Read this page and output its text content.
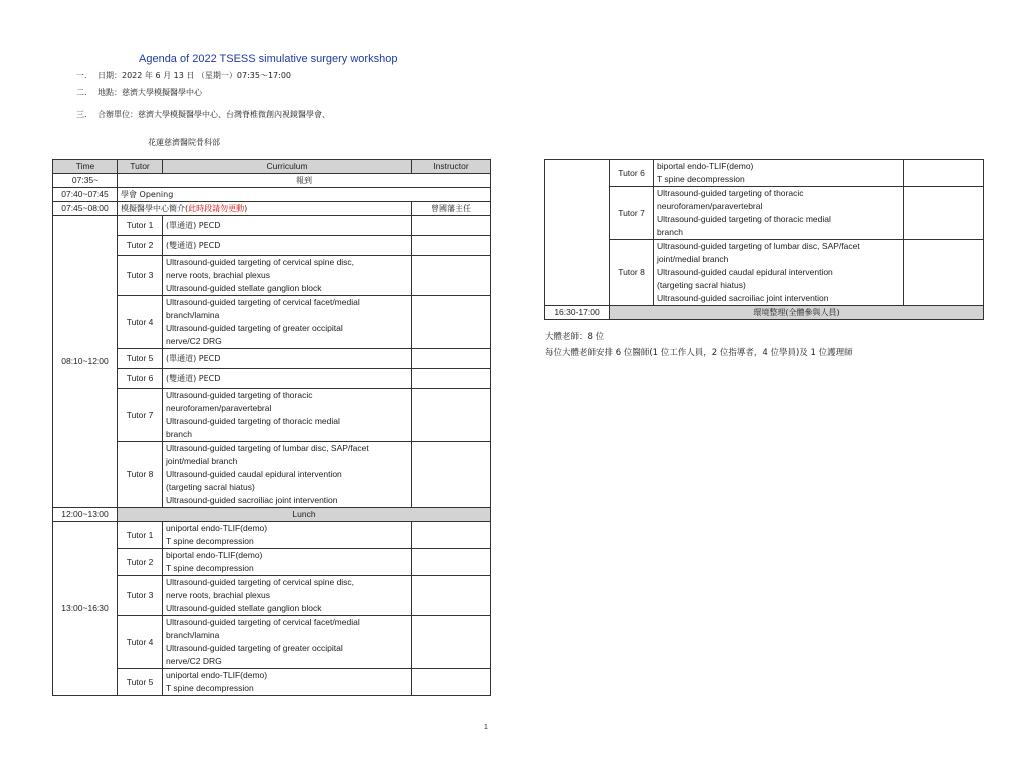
Agenda of 2022 TSESS simulative surgery workshop
一. 日期：2022 年 6 月 13 日 （星期一）07:35～17:00
二. 地點：慈濟大學模擬醫學中心
三. 合辦單位：慈濟大學模擬醫學中心、台灣脊椎微創內視鏡醫學會、
花蓮慈濟醫院骨科部
Time	Tutor	Curriculum	Instructor
07:35~	報到		
07:40~07:45	學會 Opening		
07:45~08:00	模擬醫學中心簡介(此時段請勿更動)		曾國藩主任
08:10~12:00	Tutor 1	(單通道) PECD	

	Tutor 2	(雙通道) PECD	

	Tutor 3	Ultrasound-guided targeting of cervical spine disc,
nerve roots, brachial plexus
Ultrasound-guided stellate ganglion block	

	Tutor 4	Ultrasound-guided targeting of cervical facet/medial
branch/lamina
Ultrasound-guided targeting of greater occipital
nerve/C2 DRG	

	Tutor 5	(單通道) PECD	

	Tutor 6	(雙通道) PECD	

	Tutor 7	Ultrasound-guided targeting of thoracic
neuroforamen/paravertebral
Ultrasound-guided targeting of thoracic medial
branch	

	Tutor 8	Ultrasound-guided targeting of lumbar disc, SAP/facet
joint/medial branch
Ultrasound-guided caudal epidural intervention
(targeting sacral hiatus)
Ultrasound-guided sacroiliac joint intervention	

12:00~13:00	Lunch		
13:00~16:30	Tutor 1	uniportal endo-TLIF(demo)
T spine decompression	

	Tutor 2	biportal endo-TLIF(demo)
T spine decompression	

	Tutor 3	Ultrasound-guided targeting of cervical spine disc,
nerve roots, brachial plexus
Ultrasound-guided stellate ganglion block	

	Tutor 4	Ultrasound-guided targeting of cervical facet/medial
branch/lamina
Ultrasound-guided targeting of greater occipital
nerve/C2 DRG	

	Tutor 5	uniportal endo-TLIF(demo)
T spine decompression	

	Tutor 6	biportal endo-TLIF(demo)
T spine decompression	

	Tutor 7	Ultrasound-guided targeting of thoracic
neuroforamen/paravertebral
Ultrasound-guided targeting of thoracic medial
branch	

	Tutor 8	Ultrasound-guided targeting of lumbar disc, SAP/facet
joint/medial branch
Ultrasound-guided caudal epidural intervention
(targeting sacral hiatus)
Ultrasound-guided sacroiliac joint intervention	

16:30-17:00	環境整理(全體參與人員)		
大體老師：8 位
每位大體老師安排 6 位醫師(1 位工作人員，2 位指導者，4 位學員)及 1 位護理師
1
